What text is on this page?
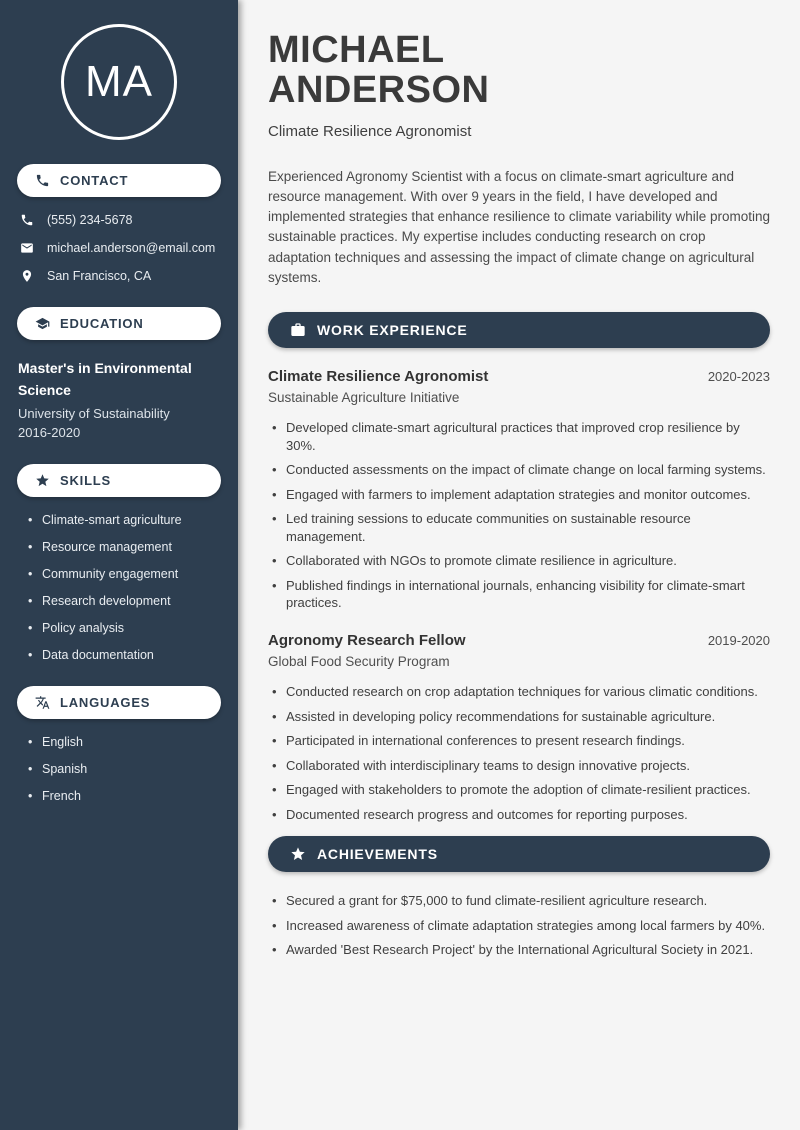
MA
CONTACT
(555) 234-5678
michael.anderson@email.com
San Francisco, CA
EDUCATION
Master's in Environmental Science
University of Sustainability
2016-2020
SKILLS
• Climate-smart agriculture
• Resource management
• Community engagement
• Research development
• Policy analysis
• Data documentation
LANGUAGES
• English
• Spanish
• French
MICHAEL
ANDERSON
Climate Resilience Agronomist

Experienced Agronomy Scientist with a focus on climate-smart agriculture and resource management. With over 9 years in the field, I have developed and implemented strategies that enhance resilience to climate variability while promoting sustainable practices. My expertise includes conducting research on crop adaptation techniques and assessing the impact of climate change on agricultural systems.

WORK EXPERIENCE
Climate Resilience Agronomist	2020-2023
Sustainable Agriculture Initiative
• Developed climate-smart agricultural practices that improved crop resilience by 30%.
• Conducted assessments on the impact of climate change on local farming systems.
• Engaged with farmers to implement adaptation strategies and monitor outcomes.
• Led training sessions to educate communities on sustainable resource management.
• Collaborated with NGOs to promote climate resilience in agriculture.
• Published findings in international journals, enhancing visibility for climate-smart practices.
Agronomy Research Fellow	2019-2020
Global Food Security Program
• Conducted research on crop adaptation techniques for various climatic conditions.
• Assisted in developing policy recommendations for sustainable agriculture.
• Participated in international conferences to present research findings.
• Collaborated with interdisciplinary teams to design innovative projects.
• Engaged with stakeholders to promote the adoption of climate-resilient practices.
• Documented research progress and outcomes for reporting purposes.
ACHIEVEMENTS
• Secured a grant for $75,000 to fund climate-resilient agriculture research.
• Increased awareness of climate adaptation strategies among local farmers by 40%.
• Awarded 'Best Research Project' by the International Agricultural Society in 2021.
